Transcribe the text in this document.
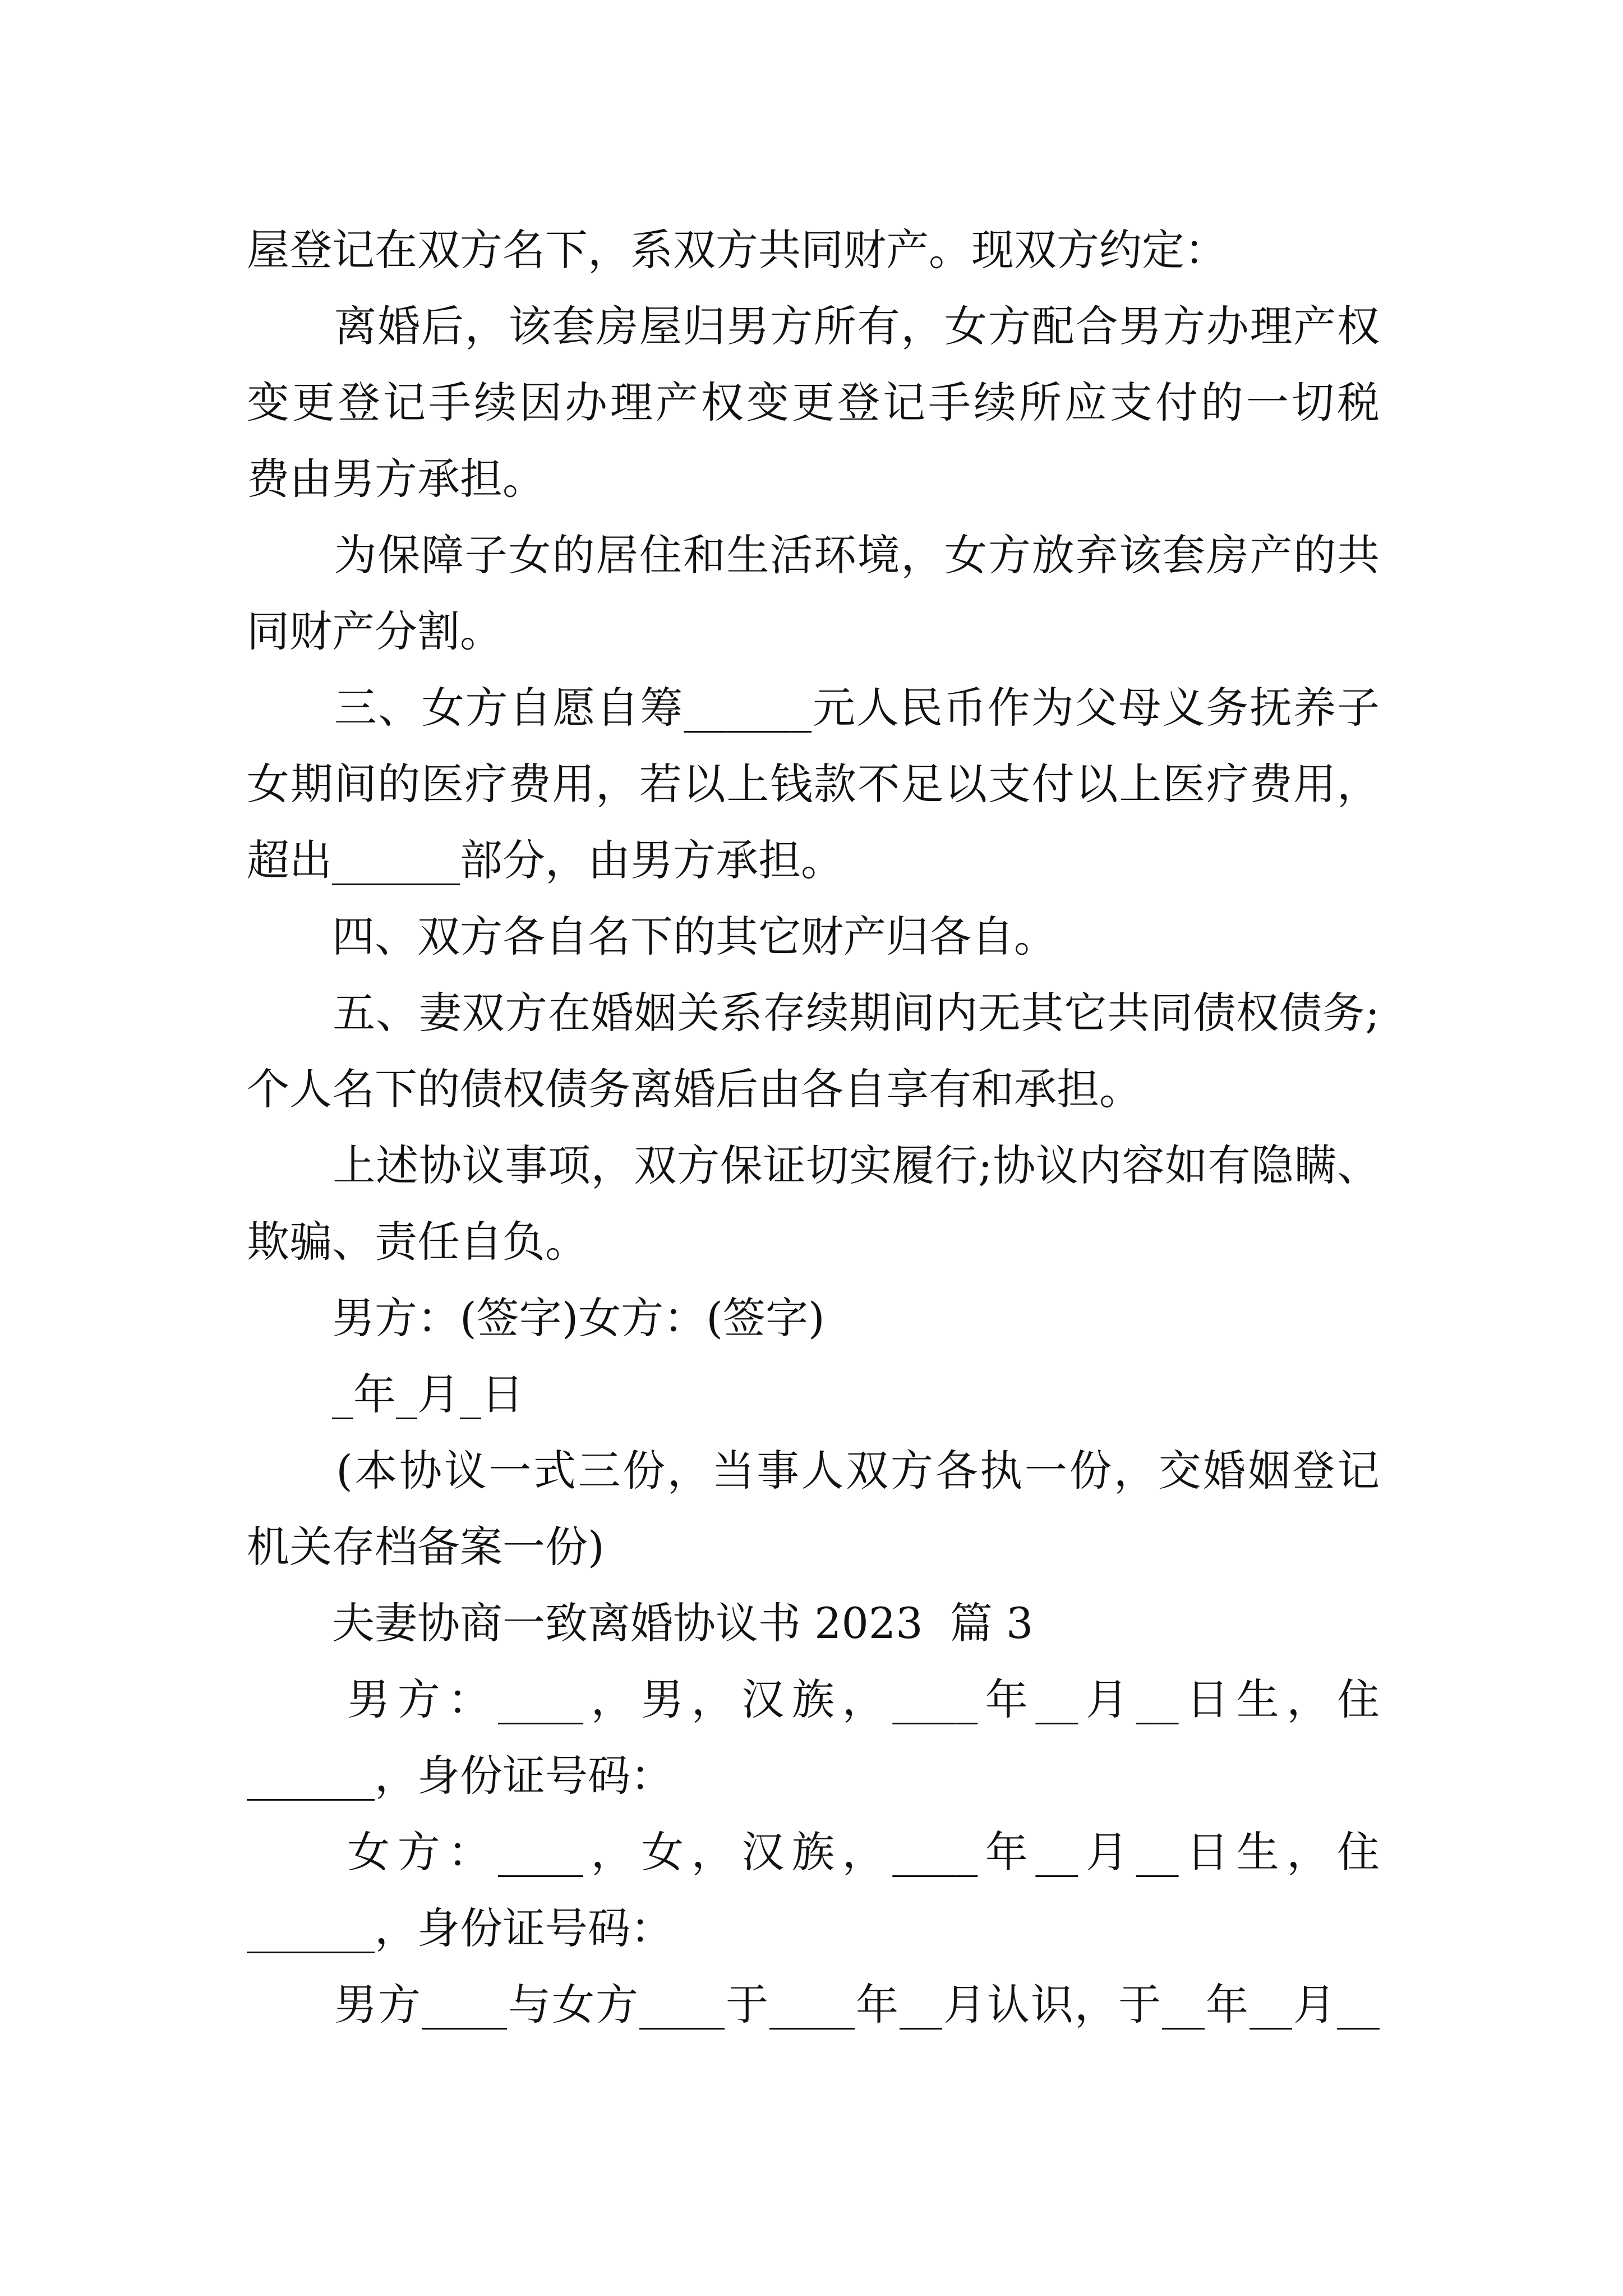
屋登记在双方名下，系双方共同财产。现双方约定：
　　离婚后，该套房屋归男方所有，女方配合男方办理产权
变更登记手续因办理产权变更登记手续所应支付的一切税
费由男方承担。
　　为保障子女的居住和生活环境，女方放弃该套房产的共
同财产分割。
　　三、女方自愿自筹______元人民币作为父母义务抚养子
女期间的医疗费用，若以上钱款不足以支付以上医疗费用，
超出______部分，由男方承担。
　　四、双方各自名下的其它财产归各自。
　　五、妻双方在婚姻关系存续期间内无其它共同债权债务;
个人名下的债权债务离婚后由各自享有和承担。
　　上述协议事项，双方保证切实履行;协议内容如有隐瞒、
欺骗、责任自负。
　　男方：(签字)女方：(签字)
　　_年_月_日
　　(本协议一式三份，当事人双方各执一份，交婚姻登记
机关存档备案一份)
　　夫妻协商一致离婚协议书 2023  篇 3
　　男方：____，男，汉族，____年__月__日生，住
______，身份证号码：
　　女方：____，女，汉族，____年__月__日生，住
______，身份证号码：
　　男方____与女方____于____年__月认识，于__年__月__
